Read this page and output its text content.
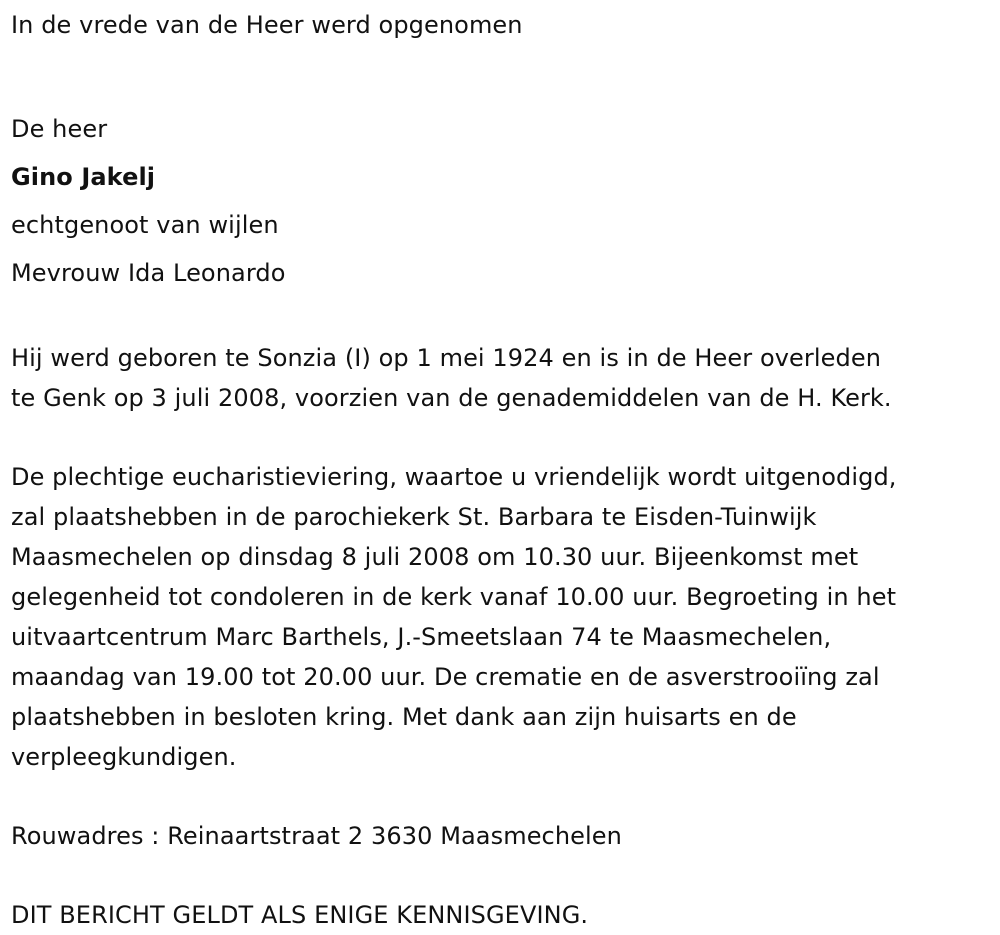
In de vrede van de Heer werd opgenomen
De heer
Gino Jakelj
echtgenoot van wijlen
Mevrouw Ida Leonardo

Hij werd geboren te Sonzia (I) op 1 mei 1924 en is in de Heer overleden
te Genk op 3 juli 2008, voorzien van de genademiddelen van de H. Kerk.

De plechtige eucharistieviering, waartoe u vriendelijk wordt uitgenodigd,
zal plaatshebben in de parochiekerk St. Barbara te Eisden-Tuinwijk
Maasmechelen op dinsdag 8 juli 2008 om 10.30 uur. Bijeenkomst met
gelegenheid tot condoleren in de kerk vanaf 10.00 uur. Begroeting in het
uitvaartcentrum Marc Barthels, J.-Smeetslaan 74 te Maasmechelen,
maandag van 19.00 tot 20.00 uur. De crematie en de asverstrooiïng zal
plaatshebben in besloten kring. Met dank aan zijn huisarts en de
verpleegkundigen.

Rouwadres : Reinaartstraat 2 3630 Maasmechelen
DIT BERICHT GELDT ALS ENIGE KENNISGEVING.
